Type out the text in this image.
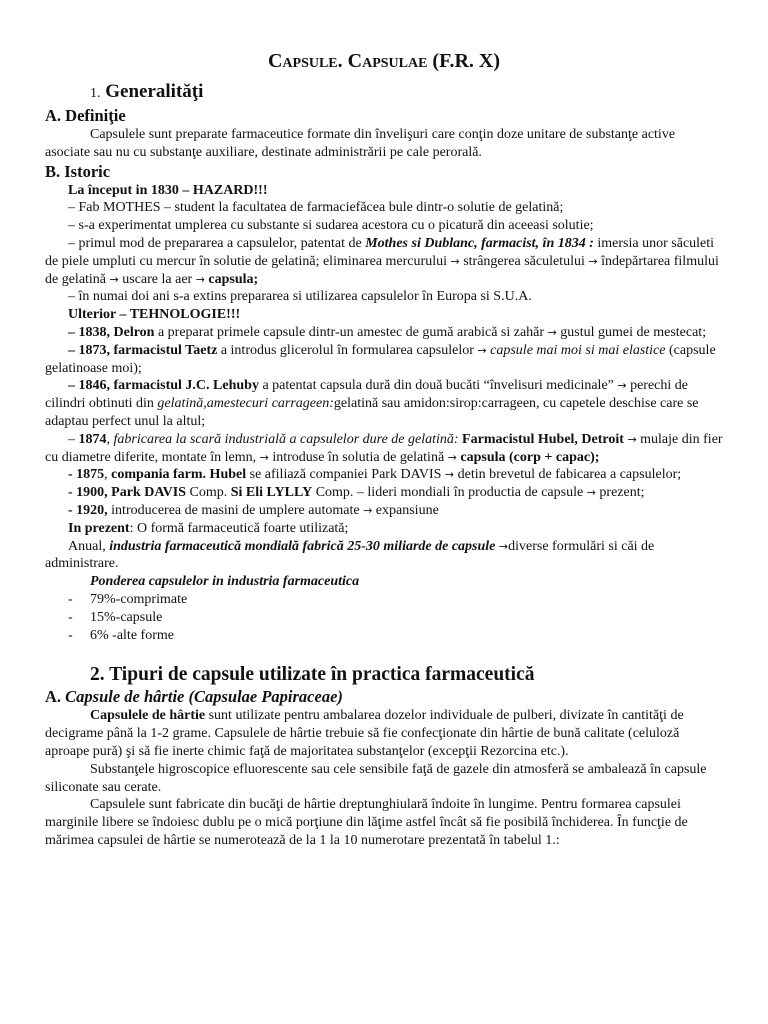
Capsule. Capsulae (F.R. X)

1. Generalităţi

A. Definiţie

Capsulele sunt preparate farmaceutice formate din învelişuri care conţin doze unitare de substanţe active asociate sau nu cu substanţe auxiliare, destinate administrării pe cale perorală.

B. Istoric

La început in 1830 – HAZARD!!!

– Fab MOTHES – student la facultatea de farmaciefăcea bule dintr-o solutie de gelatină;

– s-a experimentat umplerea cu substante si sudarea acestora cu o picatură din aceeasi solutie;

– primul mod de prepararea a capsulelor, patentat de Mothes si Dublanc, farmacist, în 1834 : imersia unor săculeti de piele umpluti cu mercur în solutie de gelatină; eliminarea mercurului → strângerea săculetului → îndepărtarea filmului de gelatină → uscare la aer → capsula;

– în numai doi ani s-a extins prepararea si utilizarea capsulelor în Europa si S.U.A.

Ulterior – TEHNOLOGIE!!!

– 1838, Delron a preparat primele capsule dintr-un amestec de gumă arabică si zahăr → gustul gumei de mestecat;

– 1873, farmacistul Taetz a introdus glicerolul în formularea capsulelor → capsule mai moi si mai elastice (capsule gelatinoase moi);

– 1846, farmacistul J.C. Lehuby a patentat capsula dură din două bucăti “învelisuri medicinale” → perechi de cilindri obtinuti din gelatină,amestecuri carrageen:gelatină sau amidon:sirop:carrageen, cu capetele deschise care se adaptau perfect unul la altul;

– 1874, fabricarea la scară industrială a capsulelor dure de gelatină: Farmacistul Hubel, Detroit → mulaje din fier cu diametre diferite, montate în lemn, → introduse în solutia de gelatină → capsula (corp + capac);

- 1875, compania farm. Hubel se afiliază companiei Park DAVIS → detin brevetul de fabicarea a capsulelor;

- 1900, Park DAVIS Comp. Si Eli LYLLY Comp. – lideri mondiali în productia de capsule → prezent;

- 1920, introducerea de masini de umplere automate → expansiune

In prezent: O formă farmaceutică foarte utilizată;

Anual, industria farmaceutică mondială fabrică 25-30 miliarde de capsule →diverse formulări si căi de administrare.

Ponderea capsulelor in industria farmaceutica

-	79%-comprimate

-	15%-capsule

-	6% -alte forme

2. Tipuri de capsule utilizate în practica farmaceutică

A. Capsule de hârtie (Capsulae Papiraceae)

Capsulele de hârtie sunt utilizate pentru ambalarea dozelor individuale de pulberi, divizate în cantităţi de decigrame până la 1-2 grame. Capsulele de hârtie trebuie să fie confecţionate din hârtie de bună calitate (celuloză aproape pură) şi să fie inerte chimic faţă de majoritatea substanţelor (excepţii Rezorcina etc.).

Substanţele higroscopice efluorescente sau cele sensibile faţă de gazele din atmosferă se ambalează în capsule siliconate sau cerate.

Capsulele sunt fabricate din bucăţi de hârtie dreptunghiulară îndoite în lungime. Pentru formarea capsulei marginile libere se îndoiesc dublu pe o mică porţiune din lăţime astfel încât să fie posibilă închiderea. În funcţie de mărimea capsulei de hârtie se numerotează de la 1 la 10 numerotare prezentată în tabelul 1.:
